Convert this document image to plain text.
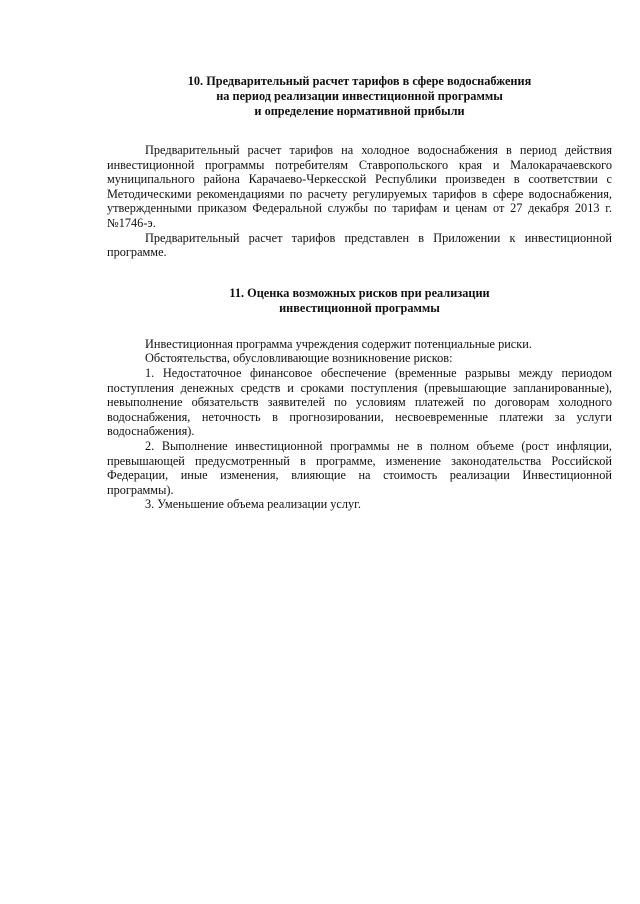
10. Предварительный расчет тарифов в сфере водоснабжения
на период реализации инвестиционной программы
и определение нормативной прибыли

Предварительный расчет тарифов на холодное водоснабжения в период действия инвестиционной программы потребителям Ставропольского края и Малокарачаевского муниципального района Карачаево-Черкесской Республики произведен в соответствии с Методическими рекомендациями по расчету регулируемых тарифов в сфере водоснабжения, утвержденными приказом Федеральной службы по тарифам и ценам от 27 декабря 2013 г. №1746-э.

Предварительный расчет тарифов представлен в Приложении к инвестиционной программе.

11. Оценка возможных рисков при реализации
инвестиционной программы

Инвестиционная программа учреждения содержит потенциальные риски.

Обстоятельства, обусловливающие возникновение рисков:

1. Недостаточное финансовое обеспечение (временные разрывы между периодом поступления денежных средств и сроками поступления (превышающие запланированные), невыполнение обязательств заявителей по условиям платежей по договорам холодного водоснабжения, неточность в прогнозировании, несвоевременные платежи за услуги водоснабжения).

2. Выполнение инвестиционной программы не в полном объеме (рост инфляции, превышающей предусмотренный в программе, изменение законодательства Российской Федерации, иные изменения, влияющие на стоимость реализации Инвестиционной программы).

3. Уменьшение объема реализации услуг.
